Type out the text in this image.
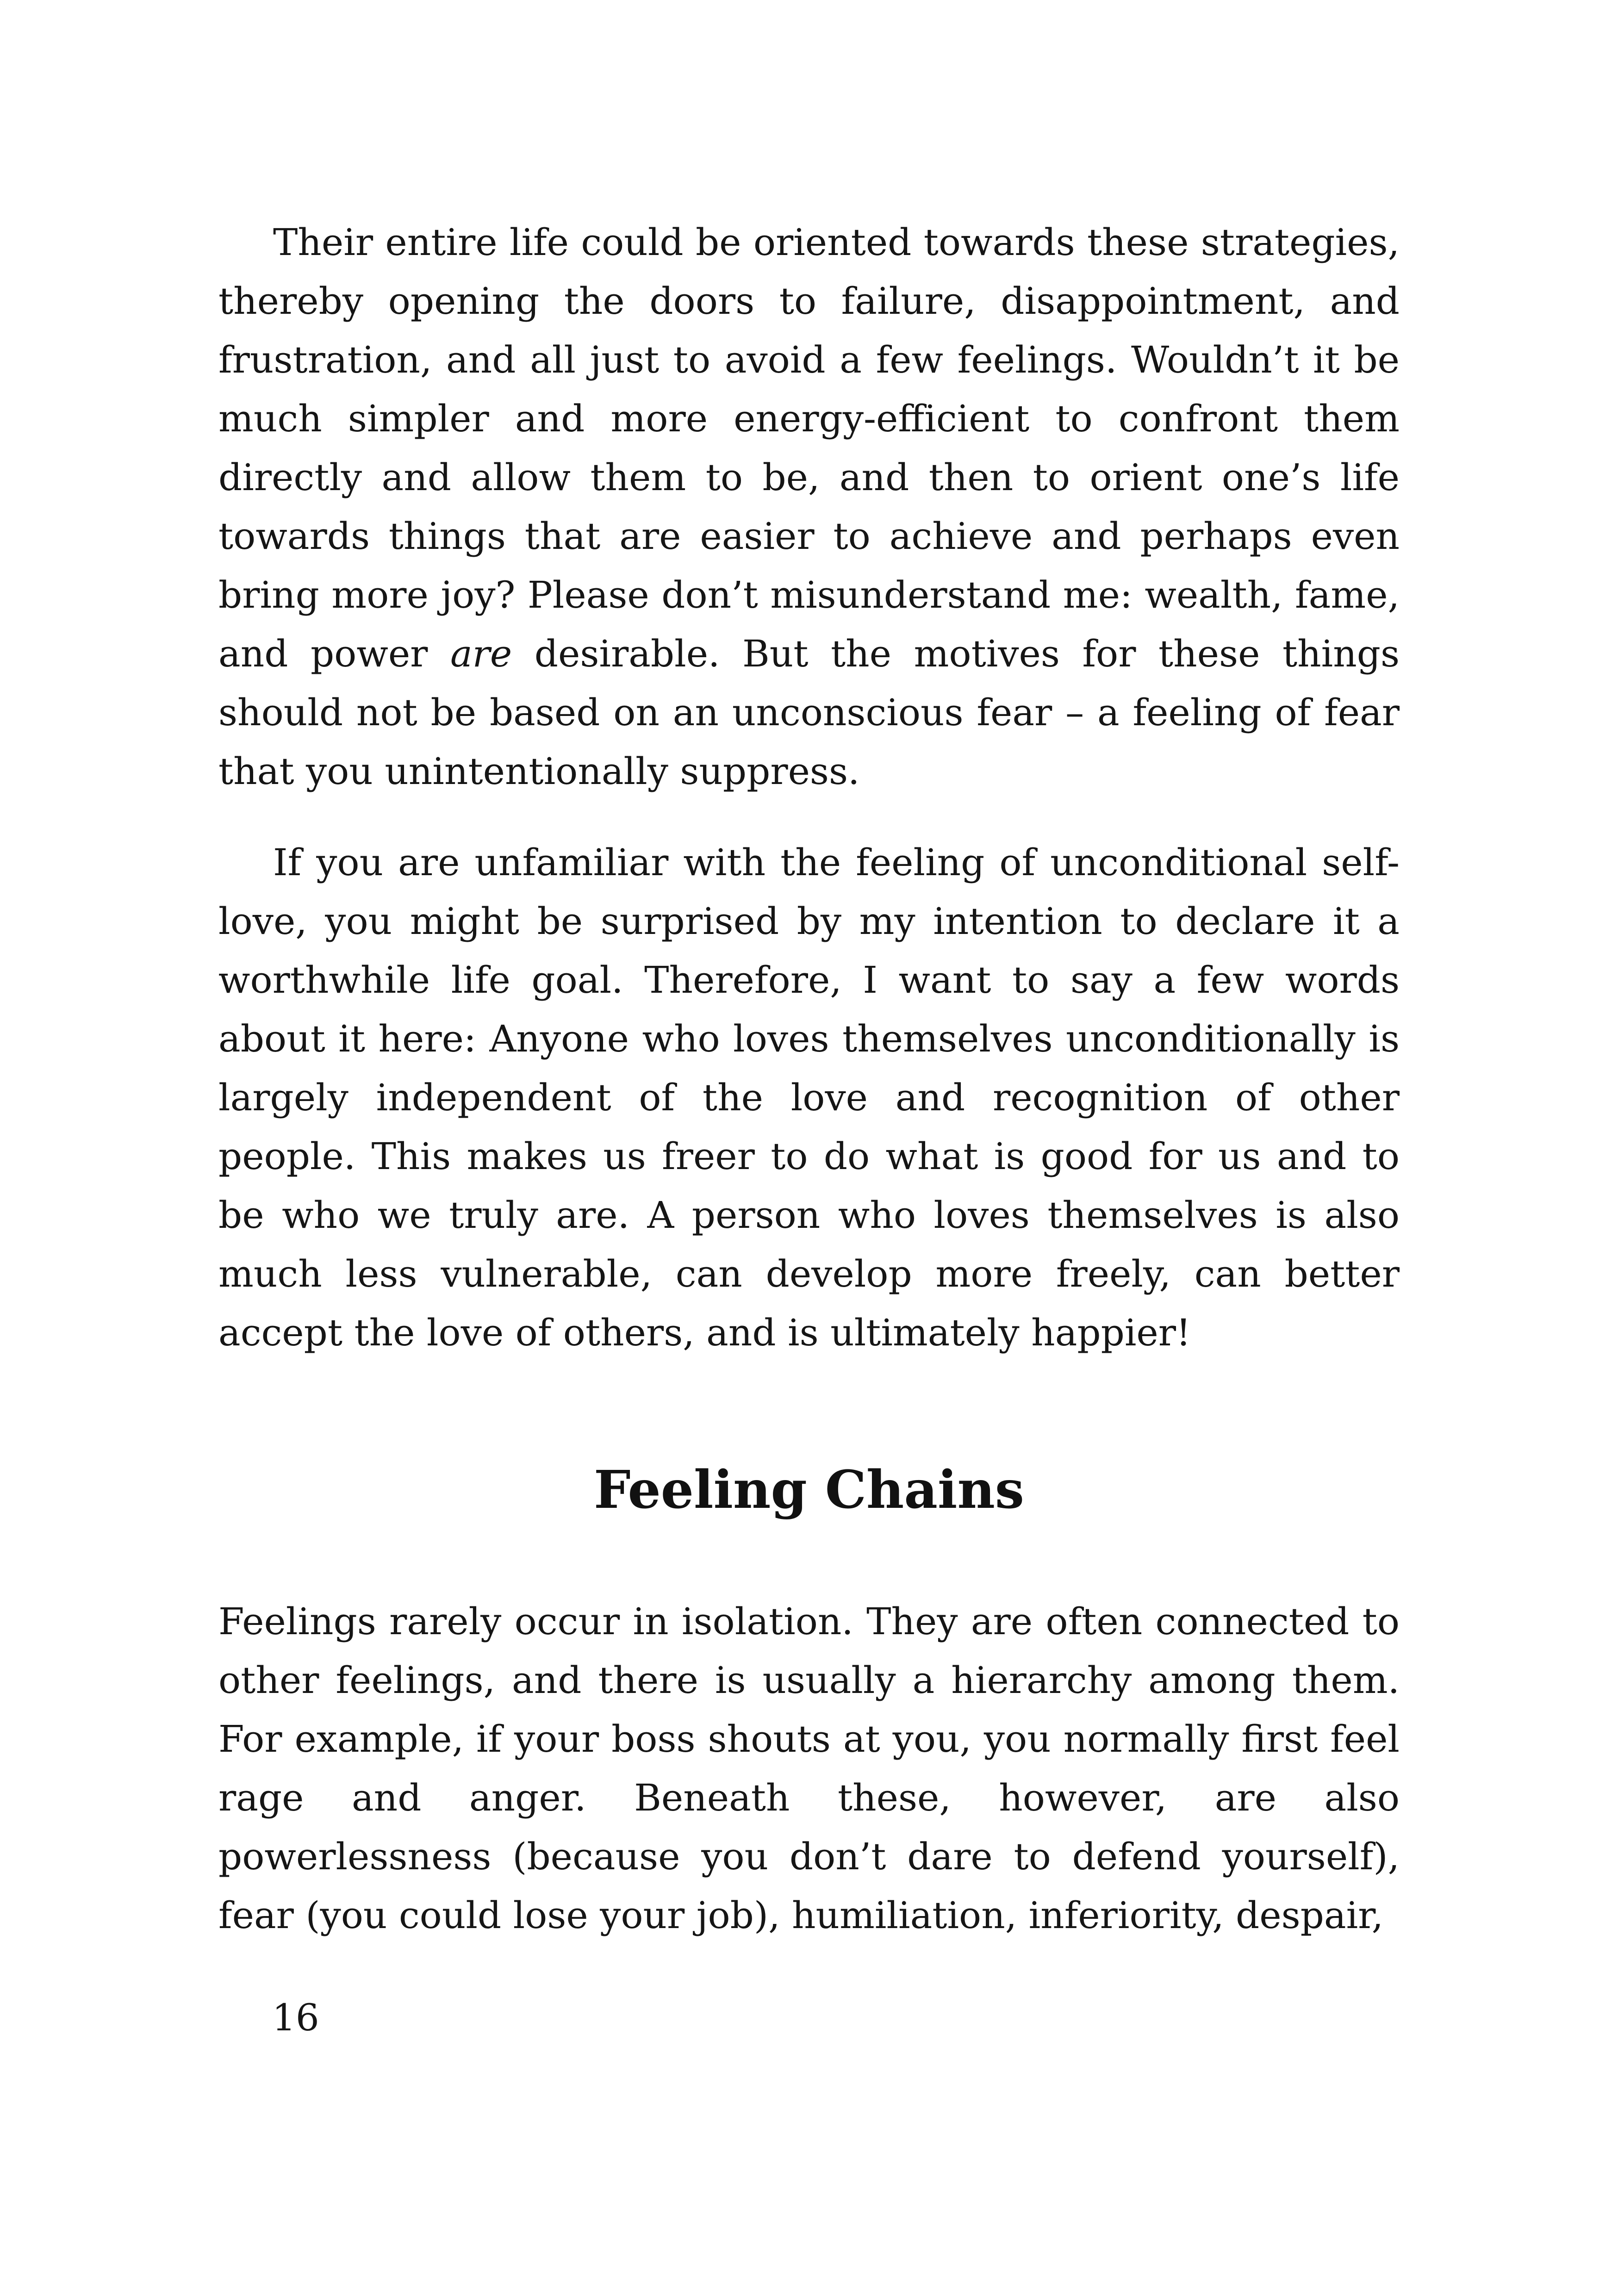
Their entire life could be oriented towards these strategies, thereby opening the doors to failure, disappointment, and frustration, and all just to avoid a few feelings. Wouldn’t it be much simpler and more energy-efficient to confront them directly and allow them to be, and then to orient one’s life towards things that are easier to achieve and perhaps even bring more joy? Please don’t misunderstand me: wealth, fame, and power are desirable. But the motives for these things should not be based on an unconscious fear – a feeling of fear that you unintentionally suppress.

If you are unfamiliar with the feeling of unconditional self-love, you might be surprised by my intention to declare it a worthwhile life goal. Therefore, I want to say a few words about it here: Anyone who loves themselves unconditionally is largely independent of the love and recognition of other people. This makes us freer to do what is good for us and to be who we truly are. A person who loves themselves is also much less vulnerable, can develop more freely, can better accept the love of others, and is ultimately happier!

Feeling Chains

Feelings rarely occur in isolation. They are often connected to other feelings, and there is usually a hierarchy among them. For example, if your boss shouts at you, you normally first feel rage and anger. Beneath these, however, are also powerlessness (because you don’t dare to defend yourself), fear (you could lose your job), humiliation, inferiority, despair,

16
